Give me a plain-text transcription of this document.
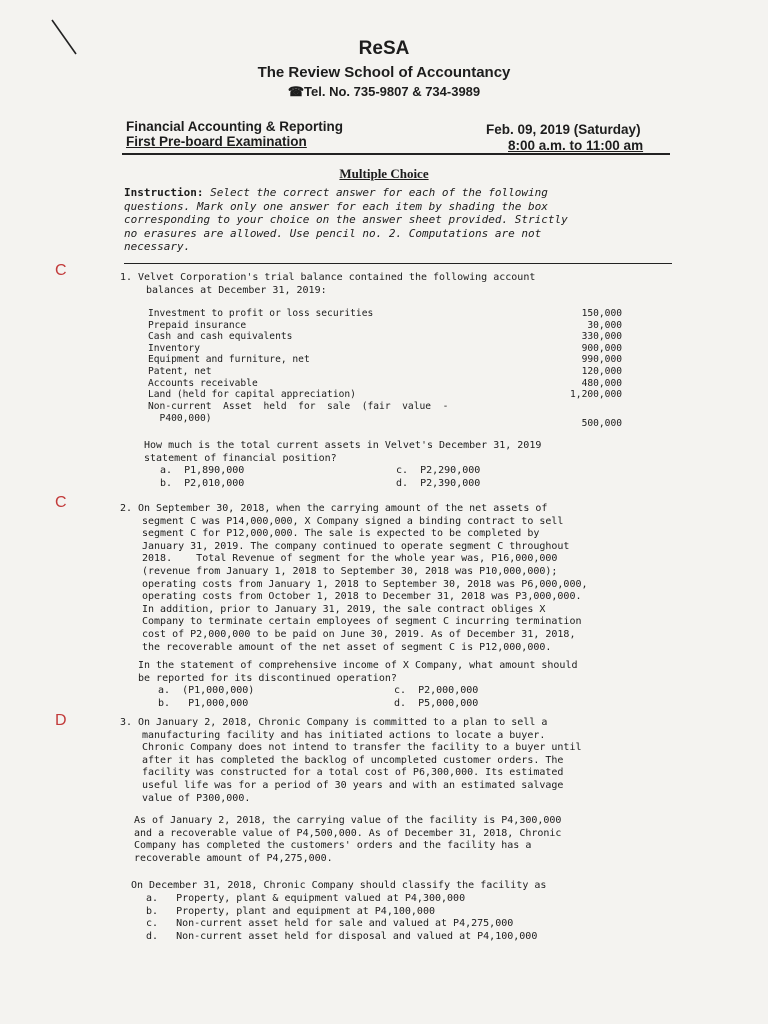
ReSA
The Review School of Accountancy
☎Tel. No. 735-9807 & 734-3989
Financial Accounting & Reporting
First Pre-board Examination
Feb. 09, 2019 (Saturday)
8:00 a.m. to 11:00 am
Multiple Choice
Instruction: Select the correct answer for each of the following
questions. Mark only one answer for each item by shading the box
corresponding to your choice on the answer sheet provided. Strictly
no erasures are allowed. Use pencil no. 2. Computations are not
necessary.
C
C
D
1. Velvet Corporation's trial balance contained the following account
balances at December 31, 2019:
Investment to profit or loss securities	150,000
Prepaid insurance	30,000
Cash and cash equivalents	330,000
Inventory	900,000
Equipment and furniture, net	990,000
Patent, net	120,000
Accounts receivable	480,000
Land (held for capital appreciation)	1,200,000
Non-current  Asset  held  for  sale  (fair  value  -
P400,000)	500,000
How much is the total current assets in Velvet's December 31, 2019
statement of financial position?
a.  P1,890,000	c.  P2,290,000
b.  P2,010,000	d.  P2,390,000
2. On September 30, 2018, when the carrying amount of the net assets of
segment C was P14,000,000, X Company signed a binding contract to sell
segment C for P12,000,000. The sale is expected to be completed by
January 31, 2019. The company continued to operate segment C throughout
2018.    Total Revenue of segment for the whole year was, P16,000,000
(revenue from January 1, 2018 to September 30, 2018 was P10,000,000);
operating costs from January 1, 2018 to September 30, 2018 was P6,000,000,
operating costs from October 1, 2018 to December 31, 2018 was P3,000,000.
In addition, prior to January 31, 2019, the sale contract obliges X
Company to terminate certain employees of segment C incurring termination
cost of P2,000,000 to be paid on June 30, 2019. As of December 31, 2018,
the recoverable amount of the net asset of segment C is P12,000,000.
In the statement of comprehensive income of X Company, what amount should
be reported for its discontinued operation?
a.  (P1,000,000)	c.  P2,000,000
b.   P1,000,000	d.  P5,000,000
3. On January 2, 2018, Chronic Company is committed to a plan to sell a
manufacturing facility and has initiated actions to locate a buyer.
Chronic Company does not intend to transfer the facility to a buyer until
after it has completed the backlog of uncompleted customer orders. The
facility was constructed for a total cost of P6,300,000. Its estimated
useful life was for a period of 30 years and with an estimated salvage
value of P300,000.
As of January 2, 2018, the carrying value of the facility is P4,300,000
and a recoverable value of P4,500,000. As of December 31, 2018, Chronic
Company has completed the customers' orders and the facility has a
recoverable amount of P4,275,000.
On December 31, 2018, Chronic Company should classify the facility as
a.   Property, plant & equipment valued at P4,300,000
b.   Property, plant and equipment at P4,100,000
c.   Non-current asset held for sale and valued at P4,275,000
d.   Non-current asset held for disposal and valued at P4,100,000
